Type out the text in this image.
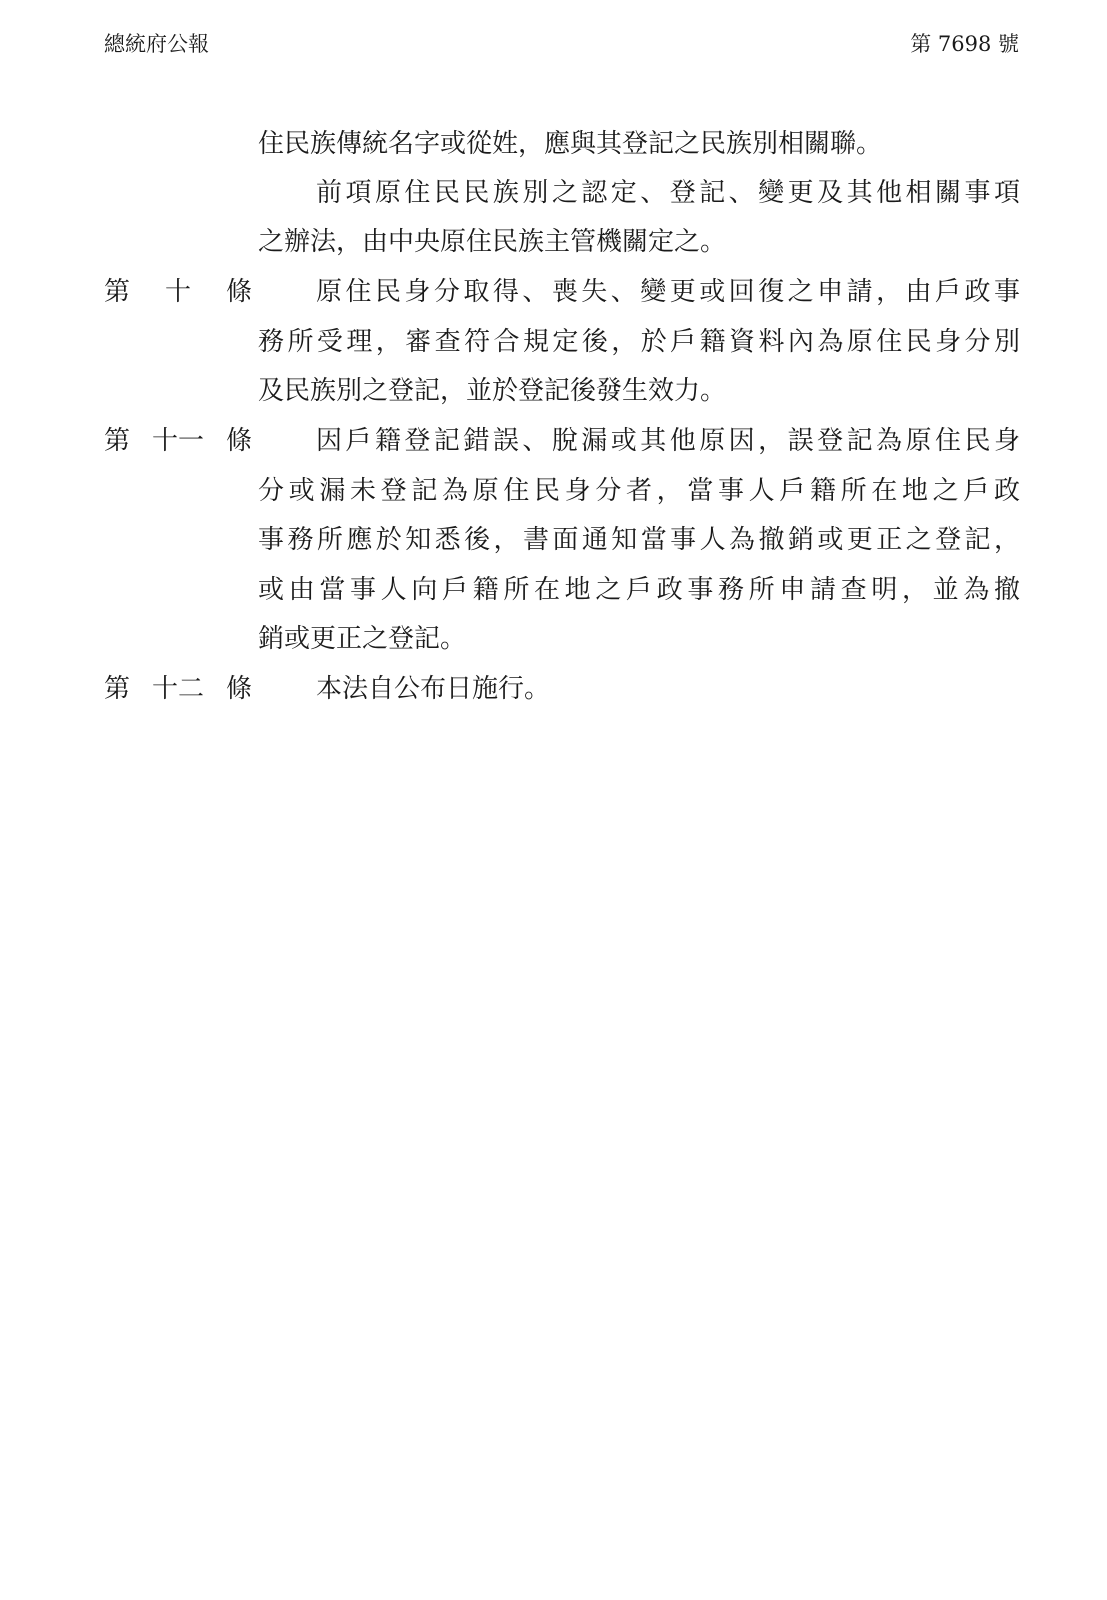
總統府公報	第 7698 號
住民族傳統名字或從姓，應與其登記之民族別相關聯。
前項原住民民族別之認定、登記、變更及其他相關事項
之辦法，由中央原住民族主管機關定之。
第 十 條 原住民身分取得、喪失、變更或回復之申請，由戶政事
務所受理，審查符合規定後，於戶籍資料內為原住民身分別
及民族別之登記，並於登記後發生效力。
第 十一 條 因戶籍登記錯誤、脫漏或其他原因，誤登記為原住民身
分或漏未登記為原住民身分者，當事人戶籍所在地之戶政
事務所應於知悉後，書面通知當事人為撤銷或更正之登記，
或由當事人向戶籍所在地之戶政事務所申請查明，並為撤
銷或更正之登記。
第 十二 條 本法自公布日施行。
